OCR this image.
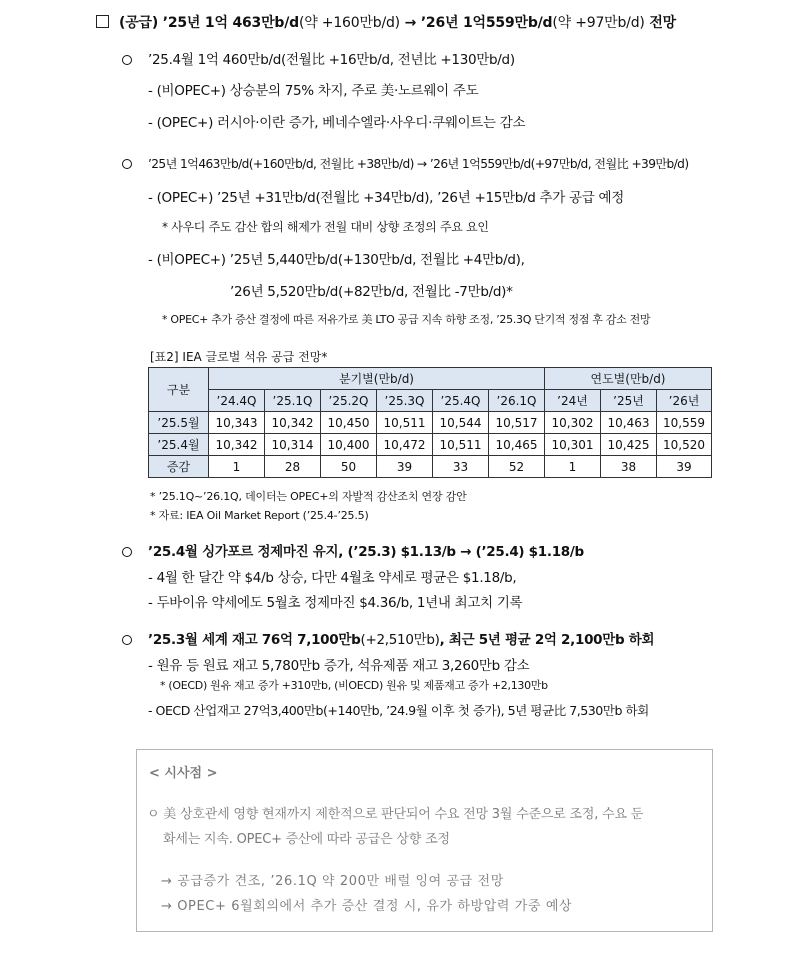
(공급) ’25년 1억 463만b/d(약 +160만b/d) → ’26년 1억559만b/d(약 +97만b/d) 전망
’25.4월 1억 460만b/d(전월比 +16만b/d, 전년比 +130만b/d)
- (비OPEC+) 상승분의 75% 차지, 주로 美·노르웨이 주도
- (OPEC+) 러시아·이란 증가, 베네수엘라·사우디·쿠웨이트는 감소
’25년 1억463만b/d(+160만b/d, 전월比 +38만b/d) → ’26년 1억559만b/d(+97만b/d, 전월比 +39만b/d)
- (OPEC+) ’25년 +31만b/d(전월比 +34만b/d), ’26년 +15만b/d 추가 공급 예정
* 사우디 주도 감산 합의 해제가 전월 대비 상향 조정의 주요 요인
- (비OPEC+) ’25년 5,440만b/d(+130만b/d, 전월比 +4만b/d),
’26년 5,520만b/d(+82만b/d, 전월比 -7만b/d)*
* OPEC+ 추가 증산 결정에 따른 저유가로 美 LTO 공급 지속 하향 조정, ’25.3Q 단기적 정점 후 감소 전망
[표2] IEA 글로벌 석유 공급 전망*
구분	분기별(만b/d)						연도별(만b/d)		
	’24.4Q	’25.1Q	’25.2Q	’25.3Q	’25.4Q	’26.1Q	’24년	’25년	’26년
’25.5월	10,343	10,342	10,450	10,511	10,544	10,517	10,302	10,463	10,559
’25.4월	10,342	10,314	10,400	10,472	10,511	10,465	10,301	10,425	10,520
증감	1	28	50	39	33	52	1	38	39
* ’25.1Q~’26.1Q, 데이터는 OPEC+의 자발적 감산조치 연장 감안
* 자료: IEA Oil Market Report (’25.4-’25.5)
’25.4월 싱가포르 정제마진 유지, (’25.3) $1.13/b → (’25.4) $1.18/b
- 4월 한 달간 약 $4/b 상승, 다만 4월초 약세로 평균은 $1.18/b,
- 두바이유 약세에도 5월초 정제마진 $4.36/b, 1년내 최고치 기록
’25.3월 세계 재고 76억 7,100만b(+2,510만b), 최근 5년 평균 2억 2,100만b 하회
- 원유 등 원료 재고 5,780만b 증가, 석유제품 재고 3,260만b 감소
* (OECD) 원유 재고 증가 +310만b, (비OECD) 원유 및 제품재고 증가 +2,130만b
- OECD 산업재고 27억3,400만b(+140만b, ’24.9월 이후 첫 증가), 5년 평균比 7,530만b 하회
< 시사점 >
ㅇ 美 상호관세 영향 현재까지 제한적으로 판단되어 수요 전망 3월 수준으로 조정, 수요 둔
화세는 지속. OPEC+ 증산에 따라 공급은 상향 조정
→ 공급증가 견조, ’26.1Q 약 200만 배럴 잉여 공급 전망
→ OPEC+ 6월회의에서 추가 증산 결정 시, 유가 하방압력 가중 예상
